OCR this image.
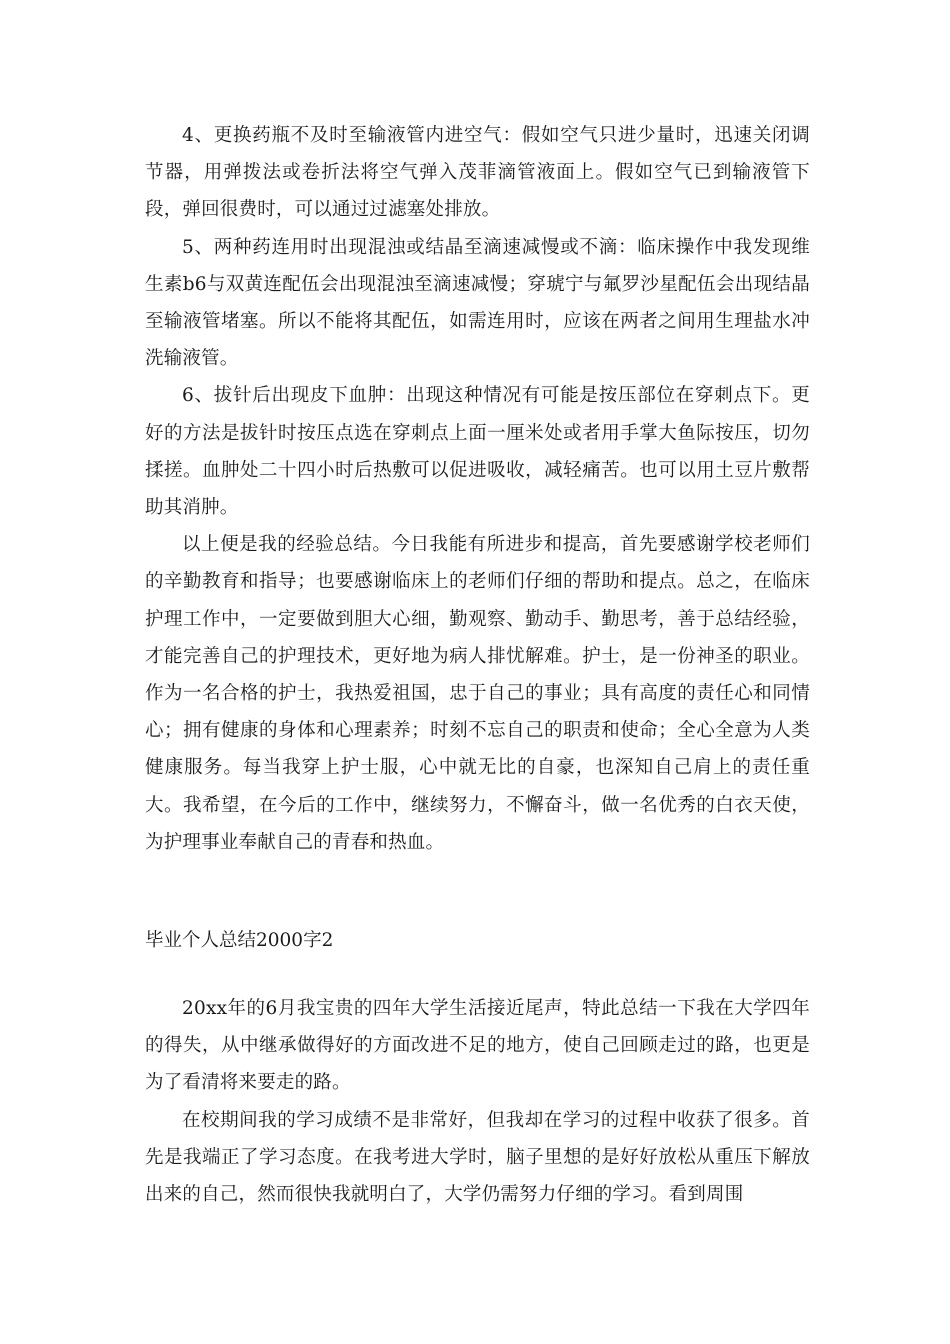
4、更换药瓶不及时至输液管内进空气：假如空气只进少量时，迅速关闭调节器，用弹拨法或卷折法将空气弹入茂菲滴管液面上。假如空气已到输液管下段，弹回很费时，可以通过过滤塞处排放。

5、两种药连用时出现混浊或结晶至滴速减慢或不滴：临床操作中我发现维生素b6与双黄连配伍会出现混浊至滴速减慢；穿琥宁与氟罗沙星配伍会出现结晶至输液管堵塞。所以不能将其配伍，如需连用时，应该在两者之间用生理盐水冲洗输液管。

6、拔针后出现皮下血肿：出现这种情况有可能是按压部位在穿刺点下。更好的方法是拔针时按压点选在穿刺点上面一厘米处或者用手掌大鱼际按压，切勿揉搓。血肿处二十四小时后热敷可以促进吸收，减轻痛苦。也可以用土豆片敷帮助其消肿。

以上便是我的经验总结。今日我能有所进步和提高，首先要感谢学校老师们的辛勤教育和指导；也要感谢临床上的老师们仔细的帮助和提点。总之，在临床护理工作中，一定要做到胆大心细，勤观察、勤动手、勤思考，善于总结经验，才能完善自己的护理技术，更好地为病人排忧解难。护士，是一份神圣的职业。作为一名合格的护士，我热爱祖国，忠于自己的事业；具有高度的责任心和同情心；拥有健康的身体和心理素养；时刻不忘自己的职责和使命；全心全意为人类健康服务。每当我穿上护士服，心中就无比的自豪，也深知自己肩上的责任重大。我希望，在今后的工作中，继续努力，不懈奋斗，做一名优秀的白衣天使，为护理事业奉献自己的青春和热血。

毕业个人总结2000字2

20xx年的6月我宝贵的四年大学生活接近尾声，特此总结一下我在大学四年的得失，从中继承做得好的方面改进不足的地方，使自己回顾走过的路，也更是为了看清将来要走的路。

在校期间我的学习成绩不是非常好，但我却在学习的过程中收获了很多。首先是我端正了学习态度。在我考进大学时，脑子里想的是好好放松从重压下解放出来的自己，然而很快我就明白了，大学仍需努力仔细的学习。看到周围
